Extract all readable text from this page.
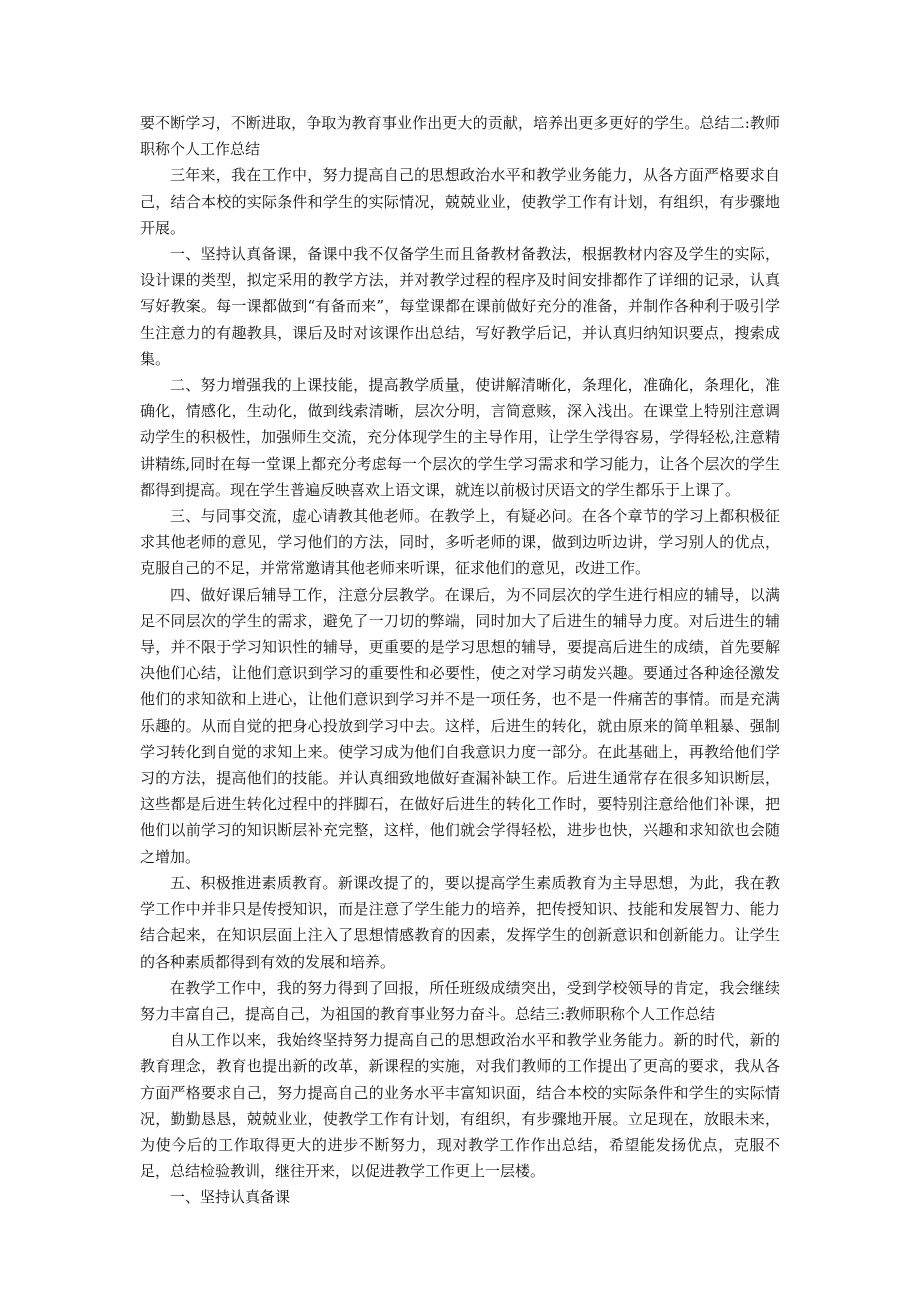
要不断学习，不断进取，争取为教育事业作出更大的贡献，培养出更多更好的学生。总结二:教师职称个人工作总结

三年来，我在工作中，努力提高自己的思想政治水平和教学业务能力，从各方面严格要求自己，结合本校的实际条件和学生的实际情况，兢兢业业，使教学工作有计划，有组织，有步骤地开展。

一、坚持认真备课，备课中我不仅备学生而且备教材备教法，根据教材内容及学生的实际，设计课的类型，拟定采用的教学方法，并对教学过程的程序及时间安排都作了详细的记录，认真写好教案。每一课都做到“有备而来”，每堂课都在课前做好充分的准备，并制作各种利于吸引学生注意力的有趣教具，课后及时对该课作出总结，写好教学后记，并认真归纳知识要点，搜索成集。

二、努力增强我的上课技能，提高教学质量，使讲解清晰化，条理化，准确化，条理化，准确化，情感化，生动化，做到线索清晰，层次分明，言简意赅，深入浅出。在课堂上特别注意调动学生的积极性，加强师生交流，充分体现学生的主导作用，让学生学得容易，学得轻松,注意精讲精练,同时在每一堂课上都充分考虑每一个层次的学生学习需求和学习能力，让各个层次的学生都得到提高。现在学生普遍反映喜欢上语文课，就连以前极讨厌语文的学生都乐于上课了。

三、与同事交流，虚心请教其他老师。在教学上，有疑必问。在各个章节的学习上都积极征求其他老师的意见，学习他们的方法，同时，多听老师的课，做到边听边讲，学习别人的优点，克服自己的不足，并常常邀请其他老师来听课，征求他们的意见，改进工作。

四、做好课后辅导工作，注意分层教学。在课后，为不同层次的学生进行相应的辅导，以满足不同层次的学生的需求，避免了一刀切的弊端，同时加大了后进生的辅导力度。对后进生的辅导，并不限于学习知识性的辅导，更重要的是学习思想的辅导，要提高后进生的成绩，首先要解决他们心结，让他们意识到学习的重要性和必要性，使之对学习萌发兴趣。要通过各种途径激发他们的求知欲和上进心，让他们意识到学习并不是一项任务，也不是一件痛苦的事情。而是充满乐趣的。从而自觉的把身心投放到学习中去。这样，后进生的转化，就由原来的简单粗暴、强制学习转化到自觉的求知上来。使学习成为他们自我意识力度一部分。在此基础上，再教给他们学习的方法，提高他们的技能。并认真细致地做好查漏补缺工作。后进生通常存在很多知识断层，这些都是后进生转化过程中的拌脚石，在做好后进生的转化工作时，要特别注意给他们补课，把他们以前学习的知识断层补充完整，这样，他们就会学得轻松，进步也快，兴趣和求知欲也会随之增加。

五、积极推进素质教育。新课改提了的，要以提高学生素质教育为主导思想，为此，我在教学工作中并非只是传授知识，而是注意了学生能力的培养，把传授知识、技能和发展智力、能力结合起来，在知识层面上注入了思想情感教育的因素，发挥学生的创新意识和创新能力。让学生的各种素质都得到有效的发展和培养。

在教学工作中，我的努力得到了回报，所任班级成绩突出，受到学校领导的肯定，我会继续努力丰富自己，提高自己，为祖国的教育事业努力奋斗。总结三:教师职称个人工作总结

自从工作以来，我始终坚持努力提高自己的思想政治水平和教学业务能力。新的时代，新的教育理念，教育也提出新的改革，新课程的实施，对我们教师的工作提出了更高的要求，我从各方面严格要求自己，努力提高自己的业务水平丰富知识面，结合本校的实际条件和学生的实际情况，勤勤恳恳，兢兢业业，使教学工作有计划，有组织，有步骤地开展。立足现在，放眼未来，为使今后的工作取得更大的进步不断努力，现对教学工作作出总结，希望能发扬优点，克服不足，总结检验教训，继往开来，以促进教学工作更上一层楼。

一、坚持认真备课
